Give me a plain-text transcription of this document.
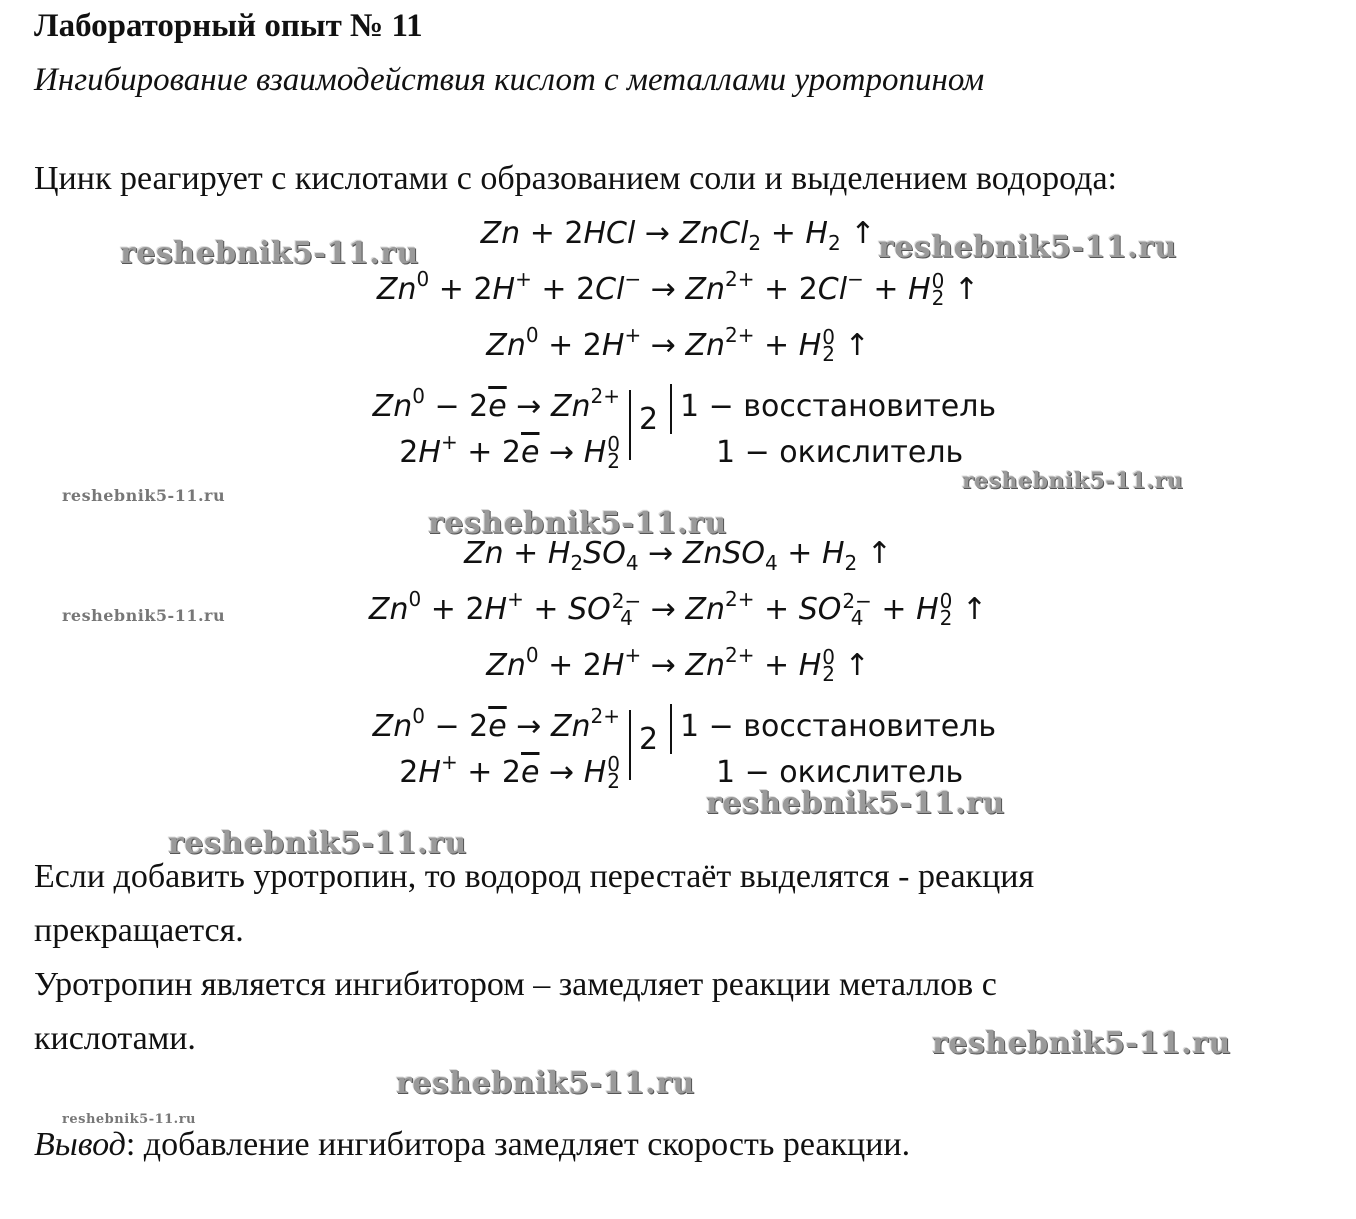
Лабораторный опыт № 11
Ингибирование взаимодействия кислот с металлами уротропином
Цинк реагирует с кислотами с образованием соли и выделением водорода:
Zn + 2HCl → ZnCl$_2$ + $H_2$ ↑
$Zn^0 + 2H^+ + 2Cl^- \to Zn^{2+} + 2Cl^- + H$ 0
2 ↑
$Zn^0 + 2H^+ \to Zn^{2+} + H$ 0
2 ↑
$Zn^0 - 2\overline{e} \to Zn^{2+}$
$2H^+ + 2\overline{e} \to H$ 0
2
2 1 − восстановитель
1 − окислитель
$Zn + H_2SO_4$ → ZnSO$_4$ + $H_2$ ↑
$Zn^0 + 2H^+$ + SO 2−
$4 \to Zn^{2+}$ + SO 2−
4 + H 0
2 ↑
$Zn^0 + 2H^+ \to Zn^{2+} + H$ 0
2 ↑
$Zn^0 - 2\overline{e} \to Zn^{2+}$
$2H^+ + 2\overline{e} \to H$ 0
2
2 1 − восстановитель
1 − окислитель
Если добавить уротропин, то водород перестаёт выделятся - реакция
прекращается.
Уротропин является ингибитором – замедляет реакции металлов с
кислотами.
Вывод: добавление ингибитора замедляет скорость реакции.
reshebnik5-11.ru	reshebnik5-11.ru
reshebnik5-11.ru
reshebnik5-11.ru
reshebnik5-11.ru
reshebnik5-11.ru
reshebnik5-11.ru
reshebnik5-11.ru
reshebnik5-11.ru
reshebnik5-11.ru
reshebnik5-11.ru
